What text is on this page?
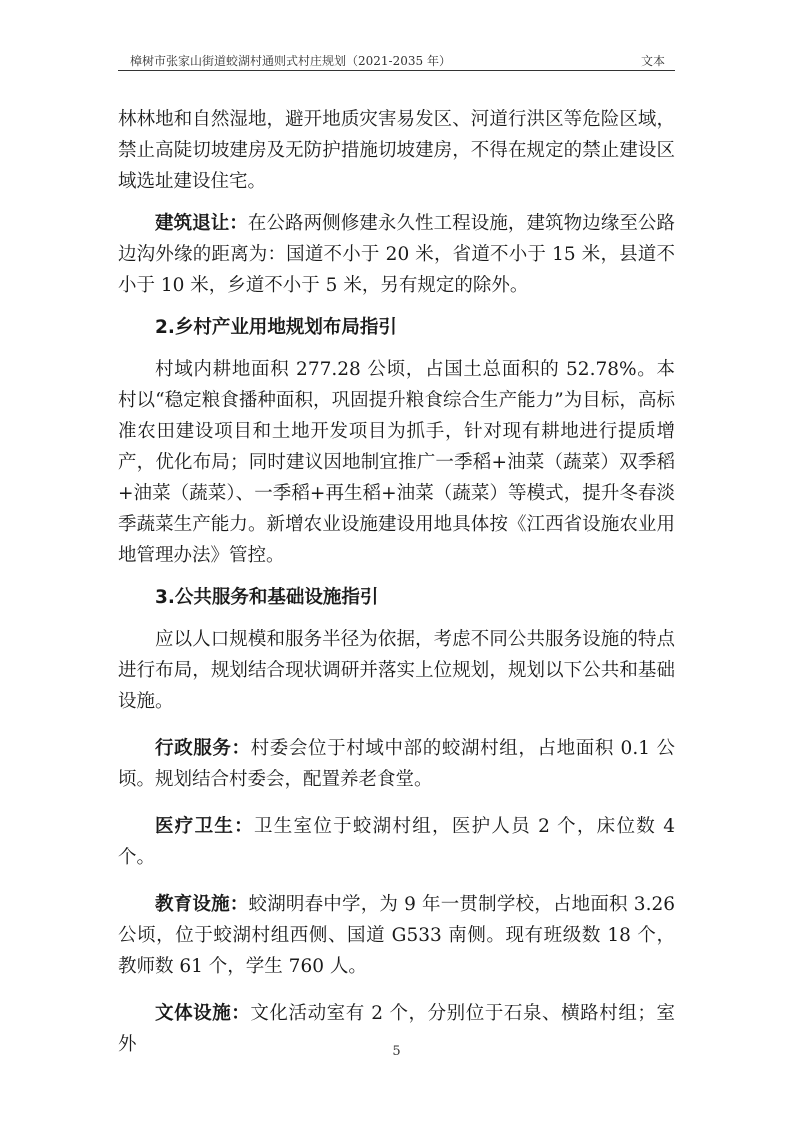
樟树市张家山街道蛟湖村通则式村庄规划（2021-2035 年）	文本

林林地和自然湿地，避开地质灾害易发区、河道行洪区等危险区域，禁止高陡切坡建房及无防护措施切坡建房，不得在规定的禁止建设区域选址建设住宅。

建筑退让：在公路两侧修建永久性工程设施，建筑物边缘至公路边沟外缘的距离为：国道不小于 20 米，省道不小于 15 米，县道不小于 10 米，乡道不小于 5 米，另有规定的除外。

2.乡村产业用地规划布局指引

村域内耕地面积 277.28 公顷，占国土总面积的 52.78%。本村以“稳定粮食播种面积，巩固提升粮食综合生产能力”为目标，高标准农田建设项目和土地开发项目为抓手，针对现有耕地进行提质增产，优化布局；同时建议因地制宜推广一季稻+油菜（蔬菜）双季稻+油菜（蔬菜）、一季稻+再生稻+油菜（蔬菜）等模式，提升冬春淡季蔬菜生产能力。新增农业设施建设用地具体按《江西省设施农业用地管理办法》管控。

3.公共服务和基础设施指引

应以人口规模和服务半径为依据，考虑不同公共服务设施的特点进行布局，规划结合现状调研并落实上位规划，规划以下公共和基础设施。

行政服务：村委会位于村域中部的蛟湖村组，占地面积 0.1 公顷。规划结合村委会，配置养老食堂。

医疗卫生：卫生室位于蛟湖村组，医护人员 2 个，床位数 4 个。

教育设施：蛟湖明春中学，为 9 年一贯制学校，占地面积 3.26 公顷，位于蛟湖村组西侧、国道 G533 南侧。现有班级数 18 个，教师数 61 个，学生 760 人。

文体设施：文化活动室有 2 个，分别位于石泉、横路村组；室外	5
